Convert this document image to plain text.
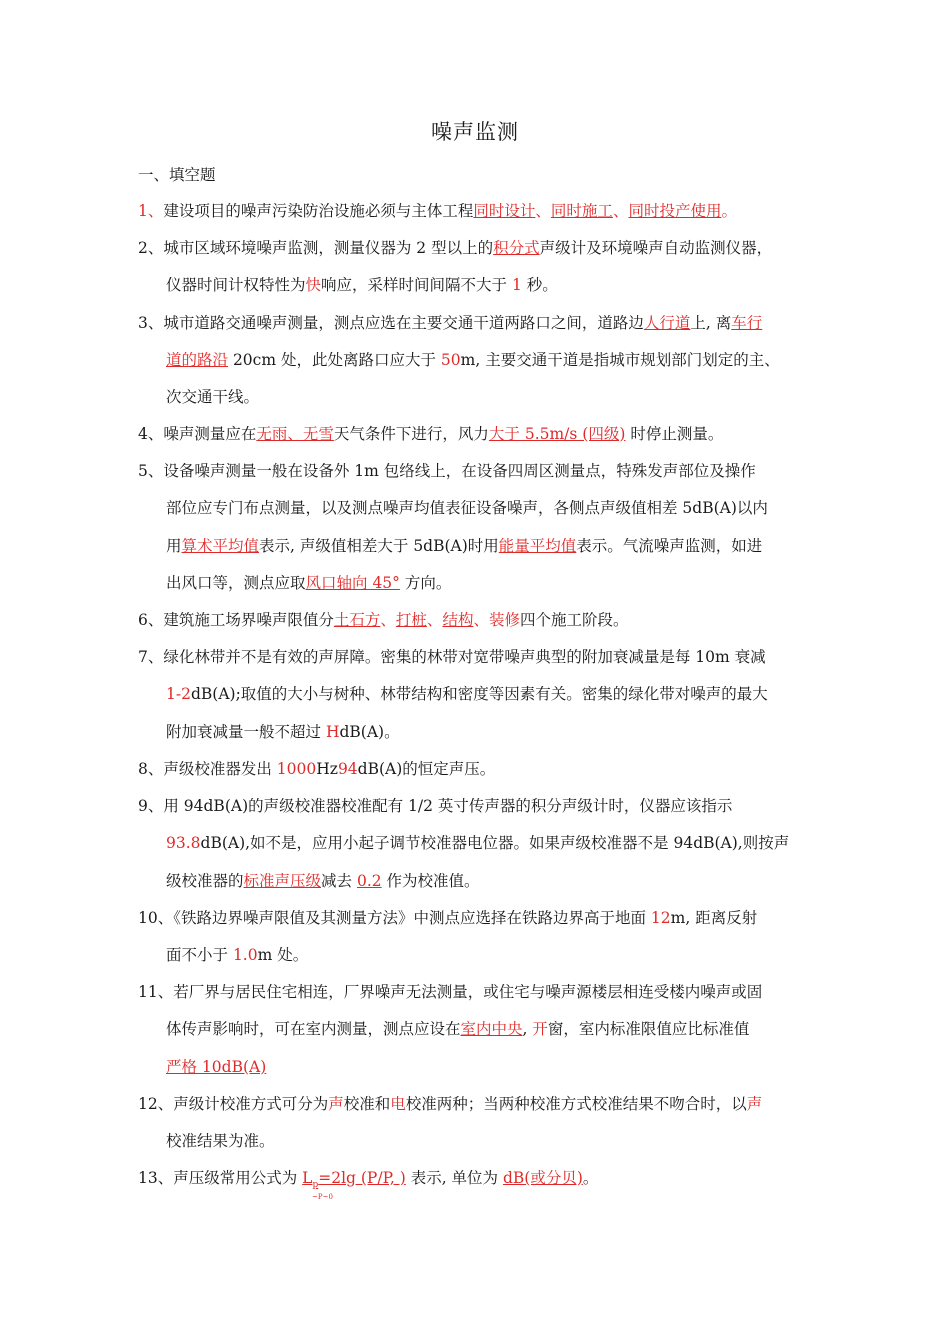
噪声监测
一、填空题
1、建设项目的噪声污染防治设施必须与主体工程同时设计、同时施工、同时投产使用。
2、城市区域环境噪声监测，测量仪器为 2 型以上的积分式声级计及环境噪声自动监测仪器，
仪器时间计权特性为快响应，采样时间间隔不大于 1 秒。
3、城市道路交通噪声测量，测点应选在主要交通干道两路口之间，道路边人行道上, 离车行
道的路沿 20cm 处，此处离路口应大于 50m, 主要交通干道是指城市规划部门划定的主、
次交通干线。
4、噪声测量应在无雨、无雪天气条件下进行，风力大于 5.5m/s (四级) 时停止测量。
5、设备噪声测量一般在设备外 1m 包络线上，在设备四周区测量点，特殊发声部位及操作
部位应专门布点测量，以及测点噪声均值表征设备噪声，各侧点声级值相差 5dB(A)以内
用算术平均值表示, 声级值相差大于 5dB(A)时用能量平均值表示。气流噪声监测，如进
出风口等，测点应取风口轴向 45° 方向。
6、建筑施工场界噪声限值分土石方、打桩、结构、装修四个施工阶段。
7、绿化林带并不是有效的声屏障。密集的林带对宽带噪声典型的附加衰减量是每 10m 衰减
1-2dB(A);取值的大小与树种、林带结构和密度等因素有关。密集的绿化带对噪声的最大
附加衰减量一般不超过 HdB(A)。
8、声级校准器发出 1000Hz94dB(A)的恒定声压。
9、用 94dB(A)的声级校准器校准配有 1/2 英寸传声器的积分声级计时，仪器应该指示
93.8dB(A),如不是，应用小起子调节校准器电位器。如果声级校准器不是 94dB(A),则按声
级校准器的标准声压级减去 0.2 作为校准值。
10、《铁路边界噪声限值及其测量方法》中测点应选择在铁路边界高于地面 12m, 距离反射
面不小于 1.0m 处。
11、若厂界与居民住宅相连，厂界噪声无法测量，或住宅与噪声源楼层相连受楼内噪声或固
体传声影响时，可在室内测量，测点应设在室内中央, 开窗，室内标准限值应比标准值
严格 10dB(A)
12、声级计校准方式可分为声校准和电校准两种；当两种校准方式校准结果不吻合时，以声
校准结果为准。
13、声压级常用公式为 $L_p=2\lg$ (P/P, ) 表示, 单位为 dB(或分贝)。
~P~0
